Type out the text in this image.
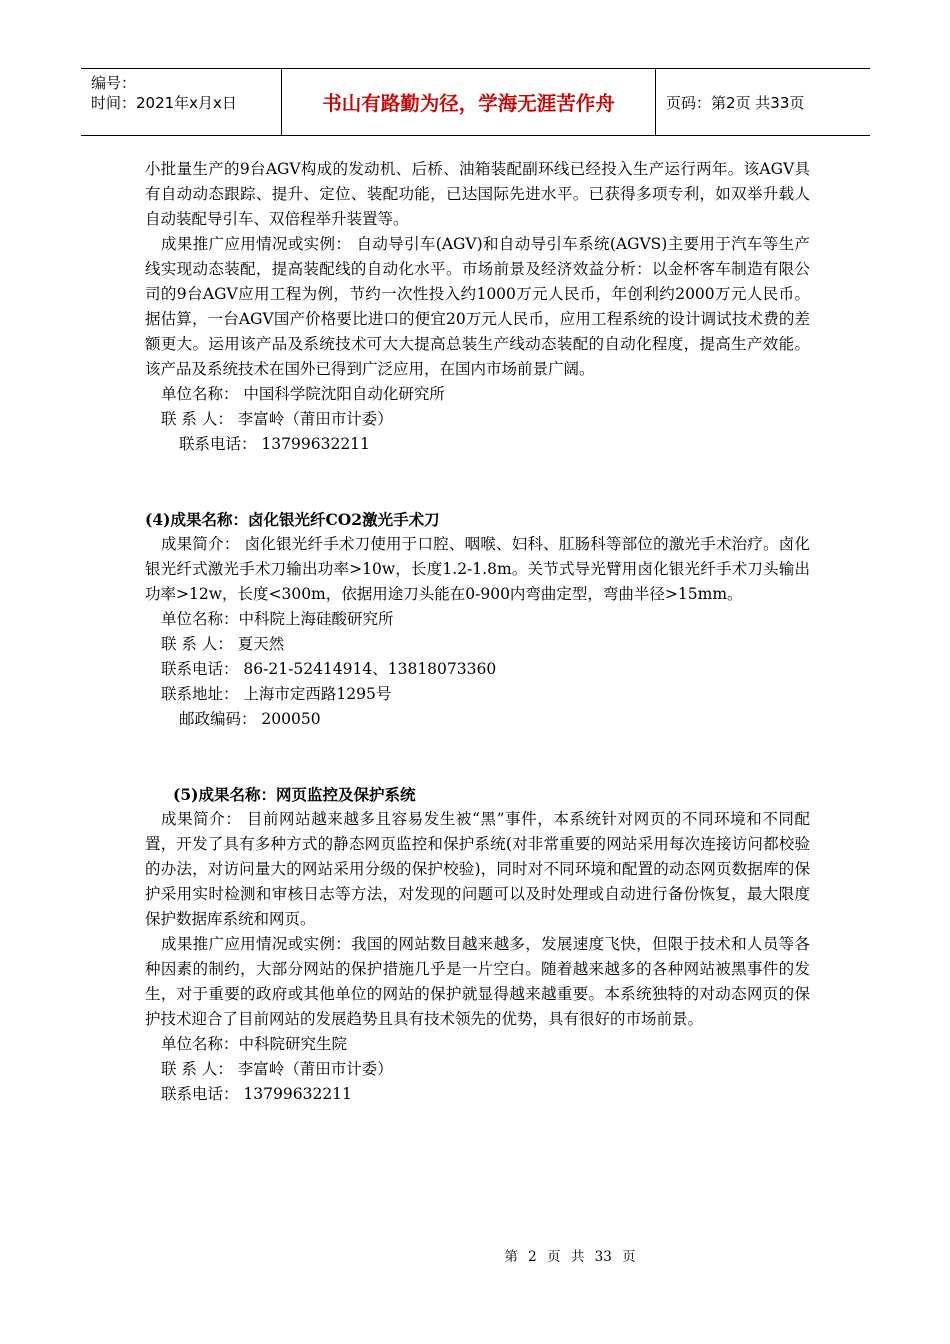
编号：
时间：2021年x月x日	书山有路勤为径，学海无涯苦作舟	页码：第2页 共33页

小批量生产的9台AGV构成的发动机、后桥、油箱装配副环线已经投入生产运行两年。该AGV具有自动动态跟踪、提升、定位、装配功能，已达国际先进水平。已获得多项专利，如双举升载人自动装配导引车、双倍程举升装置等。

成果推广应用情况或实例： 自动导引车(AGV)和自动导引车系统(AGVS)主要用于汽车等生产线实现动态装配，提高装配线的自动化水平。市场前景及经济效益分析：以金杯客车制造有限公司的9台AGV应用工程为例，节约一次性投入约1000万元人民币，年创利约2000万元人民币。据估算，一台AGV国产价格要比进口的便宜20万元人民币，应用工程系统的设计调试技术费的差额更大。运用该产品及系统技术可大大提高总装生产线动态装配的自动化程度，提高生产效能。该产品及系统技术在国外已得到广泛应用，在国内市场前景广阔。

单位名称： 中国科学院沈阳自动化研究所

联 系 人： 李富岭（莆田市计委）

联系电话： 13799632211

(4)成果名称：卤化银光纤CO2激光手术刀

成果简介： 卤化银光纤手术刀使用于口腔、咽喉、妇科、肛肠科等部位的激光手术治疗。卤化银光纤式激光手术刀输出功率>10w，长度1.2-1.8m。关节式导光臂用卤化银光纤手术刀头输出功率>12w，长度<300m，依据用途刀头能在0-900内弯曲定型，弯曲半径>15mm。

单位名称：中科院上海硅酸研究所

联 系 人： 夏天然

联系电话： 86-21-52414914、13818073360

联系地址： 上海市定西路1295号

邮政编码： 200050

(5)成果名称：网页监控及保护系统

成果简介： 目前网站越来越多且容易发生被“黑”事件，本系统针对网页的不同环境和不同配置，开发了具有多种方式的静态网页监控和保护系统(对非常重要的网站采用每次连接访问都校验的办法，对访问量大的网站采用分级的保护校验)，同时对不同环境和配置的动态网页数据库的保护采用实时检测和审核日志等方法，对发现的问题可以及时处理或自动进行备份恢复，最大限度保护数据库系统和网页。

成果推广应用情况或实例：我国的网站数目越来越多，发展速度飞快，但限于技术和人员等各种因素的制约，大部分网站的保护措施几乎是一片空白。随着越来越多的各种网站被黑事件的发生，对于重要的政府或其他单位的网站的保护就显得越来越重要。本系统独特的对动态网页的保护技术迎合了目前网站的发展趋势且具有技术领先的优势，具有很好的市场前景。

单位名称：中科院研究生院

联 系 人： 李富岭（莆田市计委）

联系电话： 13799632211

第 2 页 共 33 页
